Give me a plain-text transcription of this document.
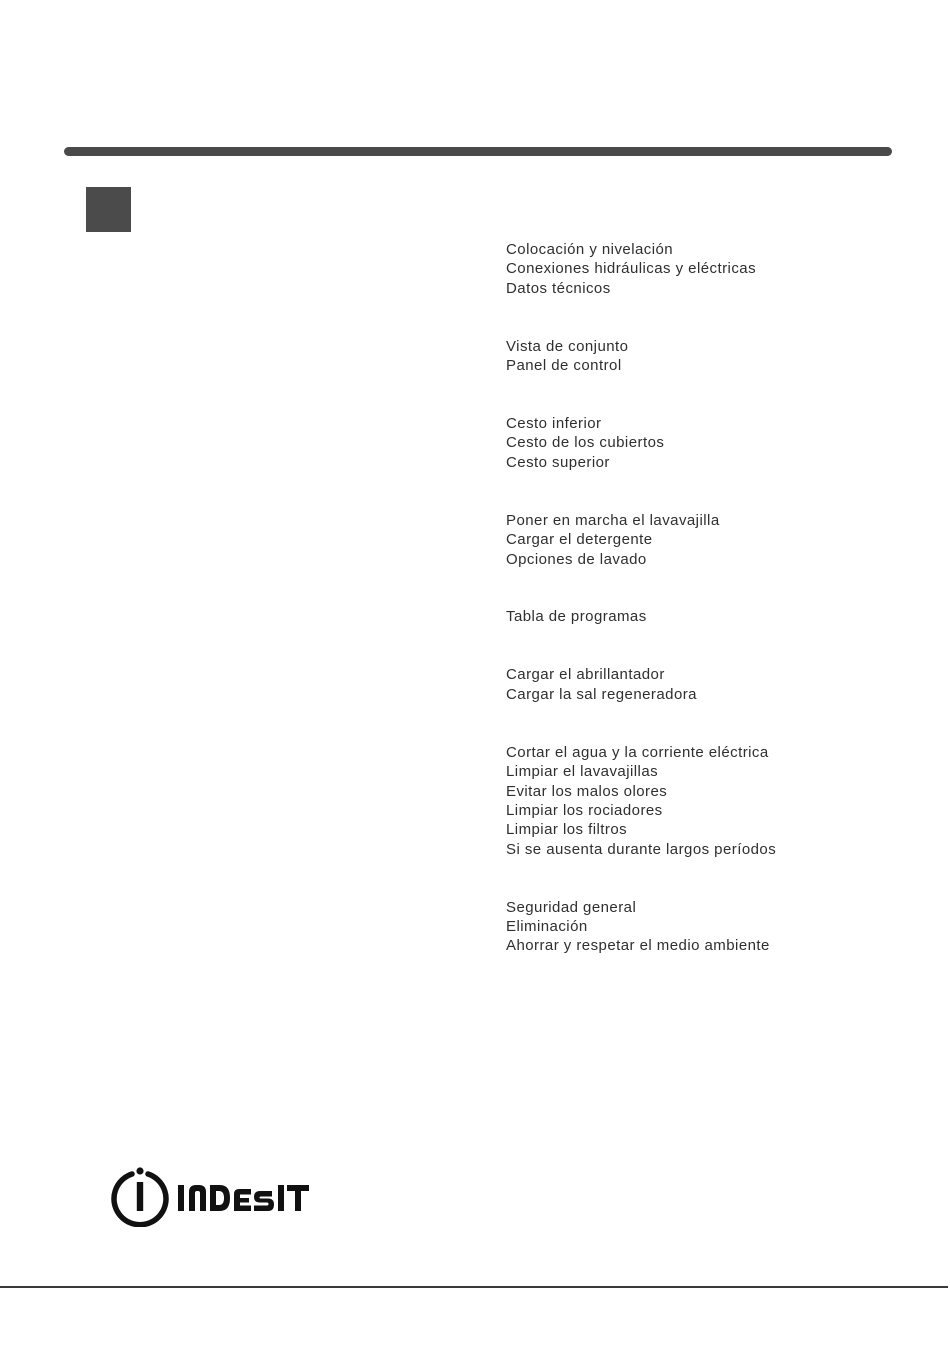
Colocación y nivelación
Conexiones hidráulicas y eléctricas
Datos técnicos
Vista de conjunto
Panel de control
Cesto inferior
Cesto de los cubiertos
Cesto superior
Poner en marcha el lavavajilla
Cargar el detergente
Opciones de lavado
Tabla de programas
Cargar el abrillantador
Cargar la sal regeneradora
Cortar el agua y la corriente eléctrica
Limpiar el lavavajillas
Evitar los malos olores
Limpiar los rociadores
Limpiar los filtros
Si se ausenta durante largos períodos
Seguridad general
Eliminación
Ahorrar y respetar el medio ambiente
